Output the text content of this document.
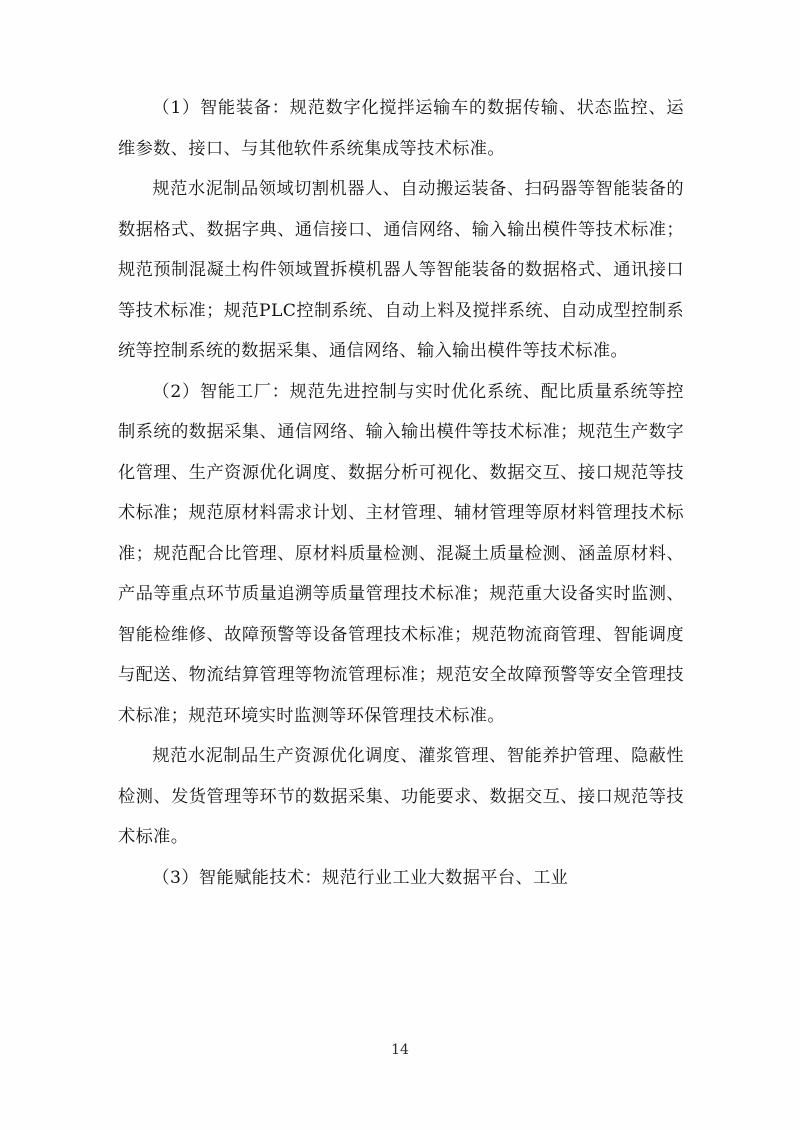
（1）智能装备：规范数字化搅拌运输车的数据传输、状态监控、运维参数、接口、与其他软件系统集成等技术标准。

规范水泥制品领域切割机器人、自动搬运装备、扫码器等智能装备的数据格式、数据字典、通信接口、通信网络、输入输出模件等技术标准；规范预制混凝土构件领域置拆模机器人等智能装备的数据格式、通讯接口等技术标准；规范PLC控制系统、自动上料及搅拌系统、自动成型控制系统等控制系统的数据采集、通信网络、输入输出模件等技术标准。

（2）智能工厂：规范先进控制与实时优化系统、配比质量系统等控制系统的数据采集、通信网络、输入输出模件等技术标准；规范生产数字化管理、生产资源优化调度、数据分析可视化、数据交互、接口规范等技术标准；规范原材料需求计划、主材管理、辅材管理等原材料管理技术标准；规范配合比管理、原材料质量检测、混凝土质量检测、涵盖原材料、产品等重点环节质量追溯等质量管理技术标准；规范重大设备实时监测、智能检维修、故障预警等设备管理技术标准；规范物流商管理、智能调度与配送、物流结算管理等物流管理标准；规范安全故障预警等安全管理技术标准；规范环境实时监测等环保管理技术标准。

规范水泥制品生产资源优化调度、灌浆管理、智能养护管理、隐蔽性检测、发货管理等环节的数据采集、功能要求、数据交互、接口规范等技术标准。

（3）智能赋能技术：规范行业工业大数据平台、工业

14
